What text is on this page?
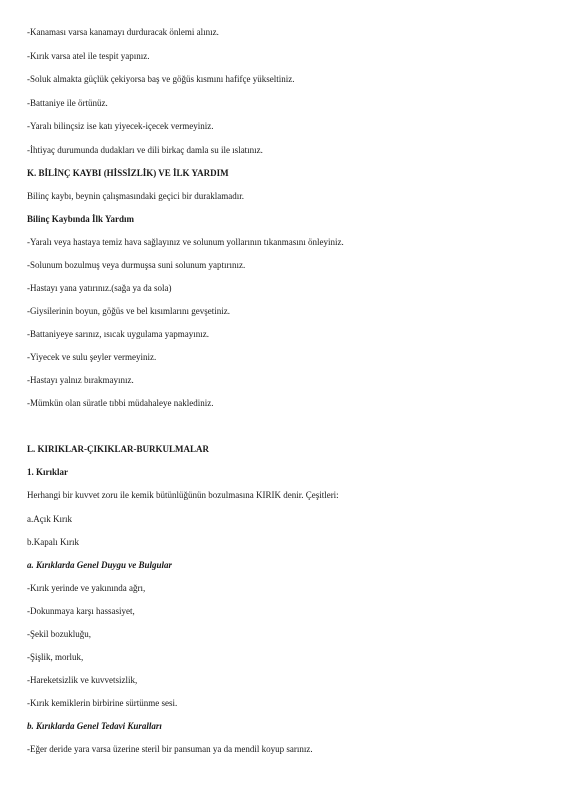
-Kanaması varsa kanamayı durduracak önlemi alınız.
-Kırık varsa atel ile tespit yapınız.
-Soluk almakta güçlük çekiyorsa baş ve göğüs kısmını hafifçe yükseltiniz.
-Battaniye ile örtünüz.
-Yaralı bilinçsiz ise katı yiyecek-içecek vermeyiniz.
-İhtiyaç durumunda dudakları ve dili birkaç damla su ile ıslatınız.
K. BİLİNÇ KAYBI (HİSSİZLİK) VE İLK YARDIM
Bilinç kaybı, beynin çalışmasındaki geçici bir duraklamadır.
Bilinç Kaybında İlk Yardım
-Yaralı veya hastaya temiz hava sağlayınız ve solunum yollarının tıkanmasını önleyiniz.
-Solunum bozulmuş veya durmuşsa suni solunum yaptırınız.
-Hastayı yana yatırınız.(sağa ya da sola)
-Giysilerinin boyun, göğüs ve bel kısımlarını gevşetiniz.
-Battaniyeye sarınız, ısıcak uygulama yapmayınız.
-Yiyecek ve sulu şeyler vermeyiniz.
-Hastayı yalnız bırakmayınız.
-Mümkün olan süratle tıbbi müdahaleye naklediniz.
L. KIRIKLAR-ÇIKIKLAR-BURKULMALAR
1. Kırıklar
Herhangi bir kuvvet zoru ile kemik bütünlüğünün bozulmasına KIRIK denir. Çeşitleri:
a.Açık Kırık
b.Kapalı Kırık
a. Kırıklarda Genel Duygu ve Bulgular
-Kırık yerinde ve yakınında ağrı,
-Dokunmaya karşı hassasiyet,
-Şekil bozukluğu,
-Şişlik, morluk,
-Hareketsizlik ve kuvvetsizlik,
-Kırık kemiklerin birbirine sürtünme sesi.
b. Kırıklarda Genel Tedavi Kuralları
-Eğer deride yara varsa üzerine steril bir pansuman ya da mendil koyup sarınız.
